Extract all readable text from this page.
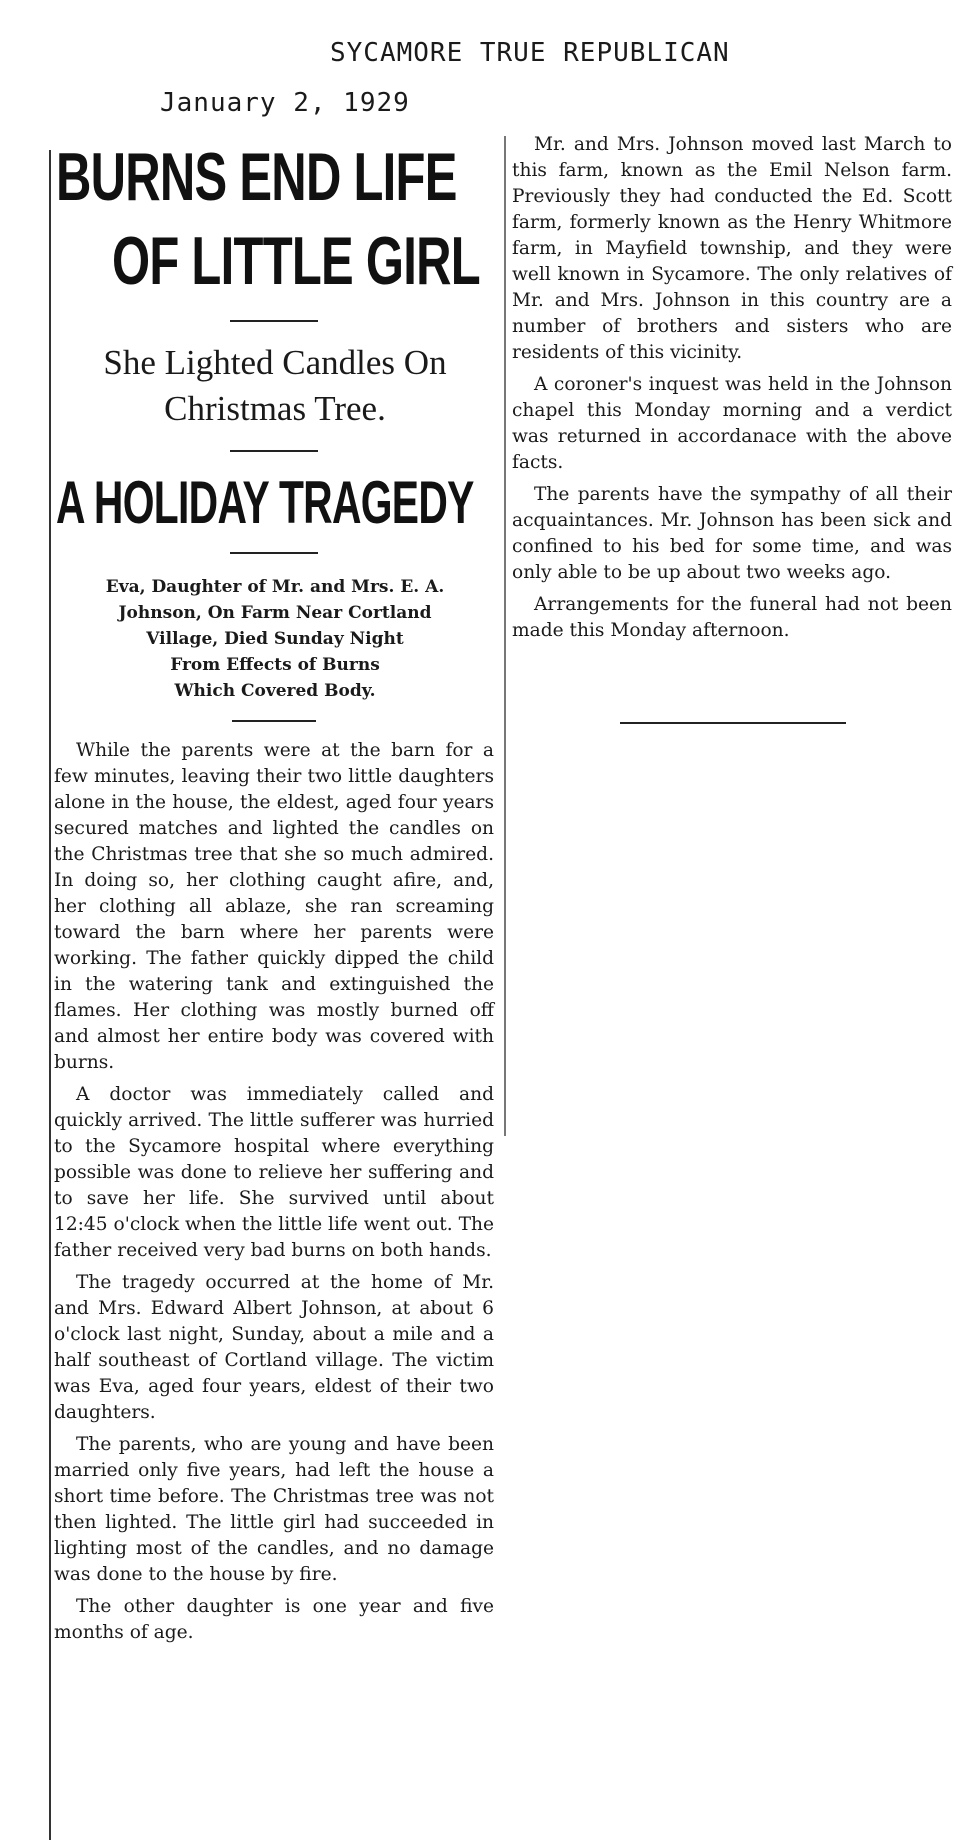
SYCAMORE TRUE REPUBLICAN
January 2, 1929
BURNS END LIFE
OF LITTLE GIRL
She Lighted Candles On
Christmas Tree.
A HOLIDAY TRAGEDY
Eva, Daughter of Mr. and Mrs. E. A.
Johnson, On Farm Near Cortland
Village, Died Sunday Night
From Effects of Burns
Which Covered Body.

While the parents were at the barn for a few minutes, leaving their two little daughters alone in the house, the eldest, aged four years secured matches and lighted the candles on the Christmas tree that she so much admired. In doing so, her clothing caught afire, and, her clothing all ablaze, she ran screaming toward the barn where her parents were working. The father quickly dipped the child in the watering tank and extinguished the flames. Her clothing was mostly burned off and almost her entire body was covered with burns.

A doctor was immediately called and quickly arrived. The little sufferer was hurried to the Sycamore hospital where everything possible was done to relieve her suffering and to save her life. She survived until about 12:45 o'clock when the little life went out. The father received very bad burns on both hands.

The tragedy occurred at the home of Mr. and Mrs. Edward Albert Johnson, at about 6 o'clock last night, Sunday, about a mile and a half southeast of Cortland village. The victim was Eva, aged four years, eldest of their two daughters.

The parents, who are young and have been married only five years, had left the house a short time before. The Christmas tree was not then lighted. The little girl had succeeded in lighting most of the candles, and no damage was done to the house by fire.

The other daughter is one year and five months of age.

Mr. and Mrs. Johnson moved last March to this farm, known as the Emil Nelson farm. Previously they had conducted the Ed. Scott farm, formerly known as the Henry Whitmore farm, in Mayfield township, and they were well known in Sycamore. The only relatives of Mr. and Mrs. Johnson in this country are a number of brothers and sisters who are residents of this vicinity.

A coroner's inquest was held in the Johnson chapel this Monday morning and a verdict was returned in accordanace with the above facts.

The parents have the sympathy of all their acquaintances. Mr. Johnson has been sick and confined to his bed for some time, and was only able to be up about two weeks ago.

Arrangements for the funeral had not been made this Monday afternoon.
